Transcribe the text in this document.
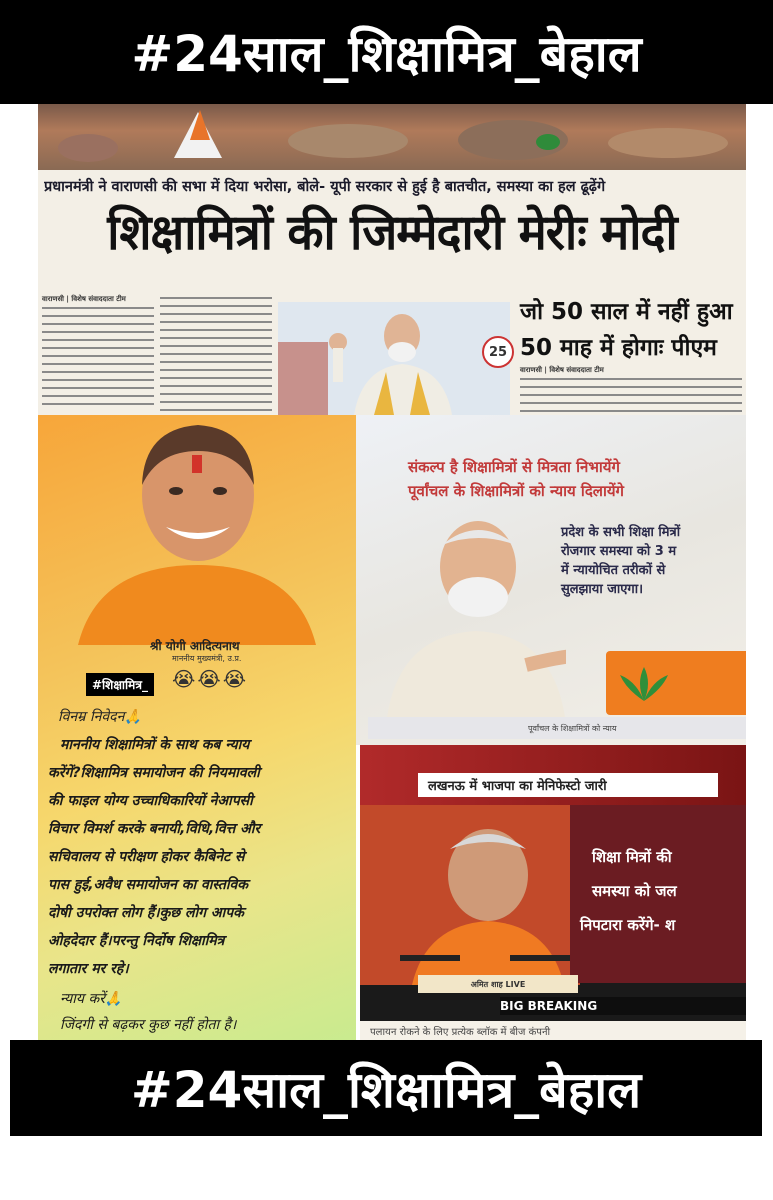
#24साल_शिक्षामित्र_बेहाल
प्रधानमंत्री ने वाराणसी की सभा में दिया भरोसा, बोले- यूपी सरकार से हुई है बातचीत, समस्या का हल ढूढ़ेंगे
शिक्षामित्रों की जिम्मेदारी मेरीः मोदी
वाराणसी | विशेष संवाददाता टीम
25
जो 50 साल में नहीं हुआ
50 माह में होगाः पीएम
वाराणसी | विशेष संवाददाता टीम
श्री योगी आदित्यनाथ
माननीय मुख्यमंत्री, उ.प्र.
#शिक्षामित्र_	😭😭😭
विनम्र निवेदन🙏
माननीय शिक्षामित्रों के साथ कब न्याय
करेंगें?शिक्षामित्र समायोजन की नियमावली
की फाइल योग्य उच्चाधिकारियों नेआपसी
विचार विमर्श करके बनायी,विधि,वित्त और
सचिवालय से परीक्षण होकर कैबिनेट से
पास हुई,अवैध समायोजन का वास्तविक
दोषी उपरोक्त लोग हैं।कुछ लोग आपके
ओहदेदार हैं।परन्तु निर्दोष शिक्षामित्र
लगातार मर रहे।
न्याय करें🙏
जिंदगी से बढ़कर कुछ नहीं होता है।
संकल्प है शिक्षामित्रों से मित्रता निभायेंगे
पूर्वांचल के शिक्षामित्रों को न्याय दिलायेंगे
प्रदेश के सभी शिक्षा मित्रों
रोजगार समस्या को 3 म
में न्यायोचित तरीकों से
सुलझाया जाएगा।
पूर्वांचल के शिक्षामित्रों को न्याय
लखनऊ में भाजपा का मेनिफेस्टो जारी
शिक्षा मित्रों की
समस्या को जल
निपटारा करेंगे- श
अमित शाह LIVE
BIG BREAKING
पलायन रोकने के लिए प्रत्येक ब्लॉक में बीज कंपनी
#24साल_शिक्षामित्र_बेहाल
